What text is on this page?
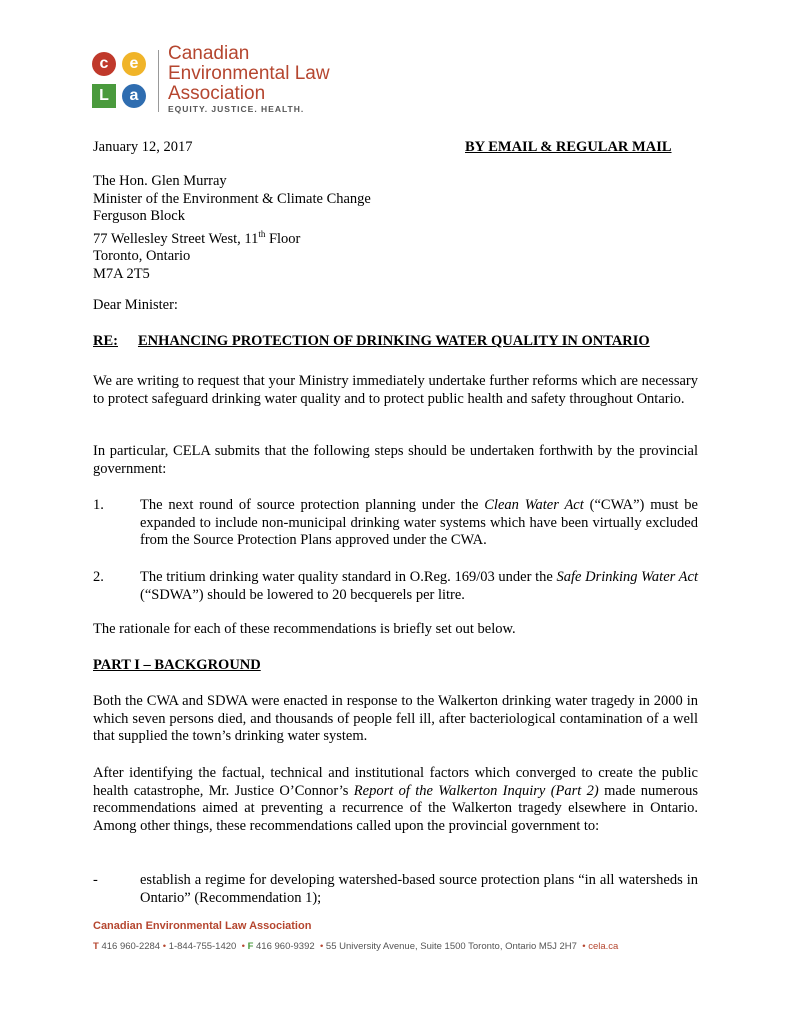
c	e
L	a
Canadian
Environmental Law
Association
EQUITY. JUSTICE. HEALTH.
January 12, 2017	BY EMAIL & REGULAR MAIL
The Hon. Glen Murray
Minister of the Environment & Climate Change
Ferguson Block
77 Wellesley Street West, 11th Floor
Toronto, Ontario
M7A 2T5
Dear Minister:
RE: ENHANCING PROTECTION OF DRINKING WATER QUALITY IN ONTARIO
We are writing to request that your Ministry immediately undertake further reforms which are necessary to protect safeguard drinking water quality and to protect public health and safety throughout Ontario.
In particular, CELA submits that the following steps should be undertaken forthwith by the provincial government:
1. The next round of source protection planning under the Clean Water Act (“CWA”) must be expanded to include non-municipal drinking water systems which have been virtually excluded from the Source Protection Plans approved under the CWA.
2. The tritium drinking water quality standard in O.Reg. 169/03 under the Safe Drinking Water Act (“SDWA”) should be lowered to 20 becquerels per litre.
The rationale for each of these recommendations is briefly set out below.
PART I – BACKGROUND
Both the CWA and SDWA were enacted in response to the Walkerton drinking water tragedy in 2000 in which seven persons died, and thousands of people fell ill, after bacteriological contamination of a well that supplied the town’s drinking water system.
After identifying the factual, technical and institutional factors which converged to create the public health catastrophe, Mr. Justice O’Connor’s Report of the Walkerton Inquiry (Part 2) made numerous recommendations aimed at preventing a recurrence of the Walkerton tragedy elsewhere in Ontario. Among other things, these recommendations called upon the provincial government to:
-	establish a regime for developing watershed-based source protection plans “in all watersheds in Ontario” (Recommendation 1);
Canadian Environmental Law Association
T 416 960-2284 • 1-844-755-1420 • F 416 960-9392 • 55 University Avenue, Suite 1500 Toronto, Ontario M5J 2H7 • cela.ca
